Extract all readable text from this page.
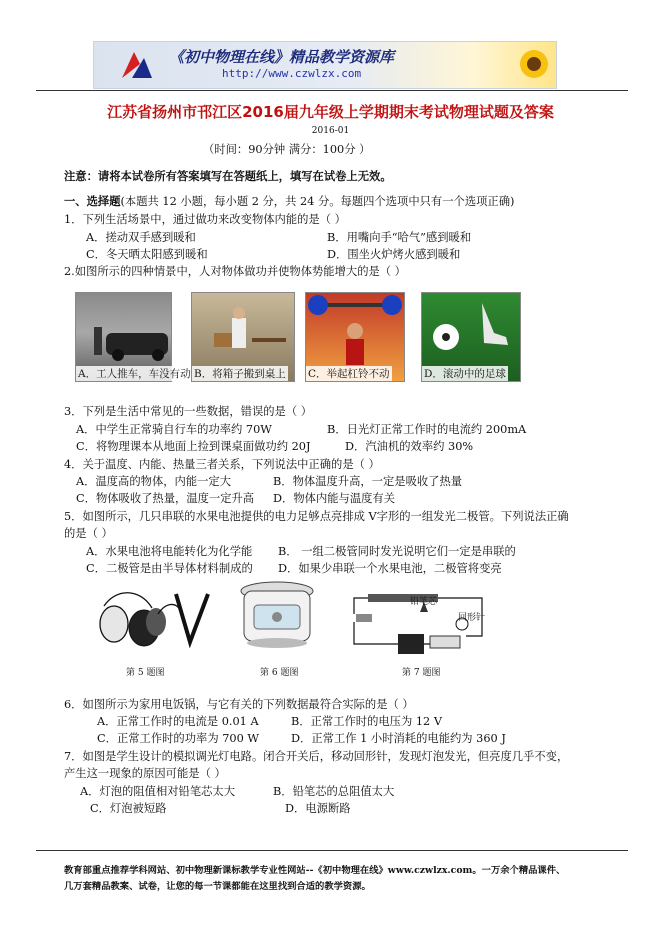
《初中物理在线》精品教学资源库
http://www.czwlzx.com
江苏省扬州市邗江区2016届九年级上学期期末考试物理试题及答案
2016-01
（时间：90分钟 满分：100分 ）
注意：请将本试卷所有答案填写在答题纸上，填写在试卷上无效。
一、选择题(本题共 12 小题，每小题 2 分，共 24 分。每题四个选项中只有一个选项正确)
1．下列生活场景中，通过做功来改变物体内能的是（ ）
A．搓动双手感到暖和	B．用嘴向手“哈气”感到暖和
C．冬天晒太阳感到暖和	D．围坐火炉烤火感到暖和
2.如图所示的四种情景中，人对物体做功并使物体势能增大的是（ ）
A．工人推车，车没有动 B．将箱子搬到桌上 C．举起杠铃不动	D．滚动中的足球
3．下列是生活中常见的一些数据，错误的是（ ）
A．中学生正常骑自行车的功率约 70W	B．日光灯正常工作时的电流约 200mA
C．将物理课本从地面上捡到课桌面做功约 20J	D．汽油机的效率约 30%
4．关于温度、内能、热量三者关系，下列说法中正确的是（ ）
A．温度高的物体，内能一定大	B．物体温度升高，一定是吸收了热量
C．物体吸收了热量，温度一定升高 D．物体内能与温度有关
5．如图所示，几只串联的水果电池提供的电力足够点亮排成 V字形的一组发光二极管。下列说法正确
的是（ ）
A．水果电池将电能转化为化学能 B． 一组二极管同时发光说明它们一定是串联的
C．二极管是由半导体材料制成的 D．如果少串联一个水果电池，二极管将变亮
铅笔芯
回形针
第 5 题图	第 6 题图	第 7 题图
6．如图所示为家用电饭锅，与它有关的下列数据最符合实际的是（ ）
A．正常工作时的电流是 0.01 A	B．正常工作时的电压为 12 V
C．正常工作时的功率为 700 W	D．正常工作 1 小时消耗的电能约为 360 J
7．如图是学生设计的模拟调光灯电路。闭合开关后，移动回形针，发现灯泡发光，但亮度几乎不变，
产生这一现象的原因可能是（ ）
A．灯泡的阻值相对铅笔芯太大	B．铅笔芯的总阻值太大
C．灯泡被短路	D．电源断路
教育部重点推荐学科网站、初中物理新课标教学专业性网站--《初中物理在线》www.czwlzx.com。一万余个精品课件、
几万套精品教案、试卷，让您的每一节课都能在这里找到合适的教学资源。
